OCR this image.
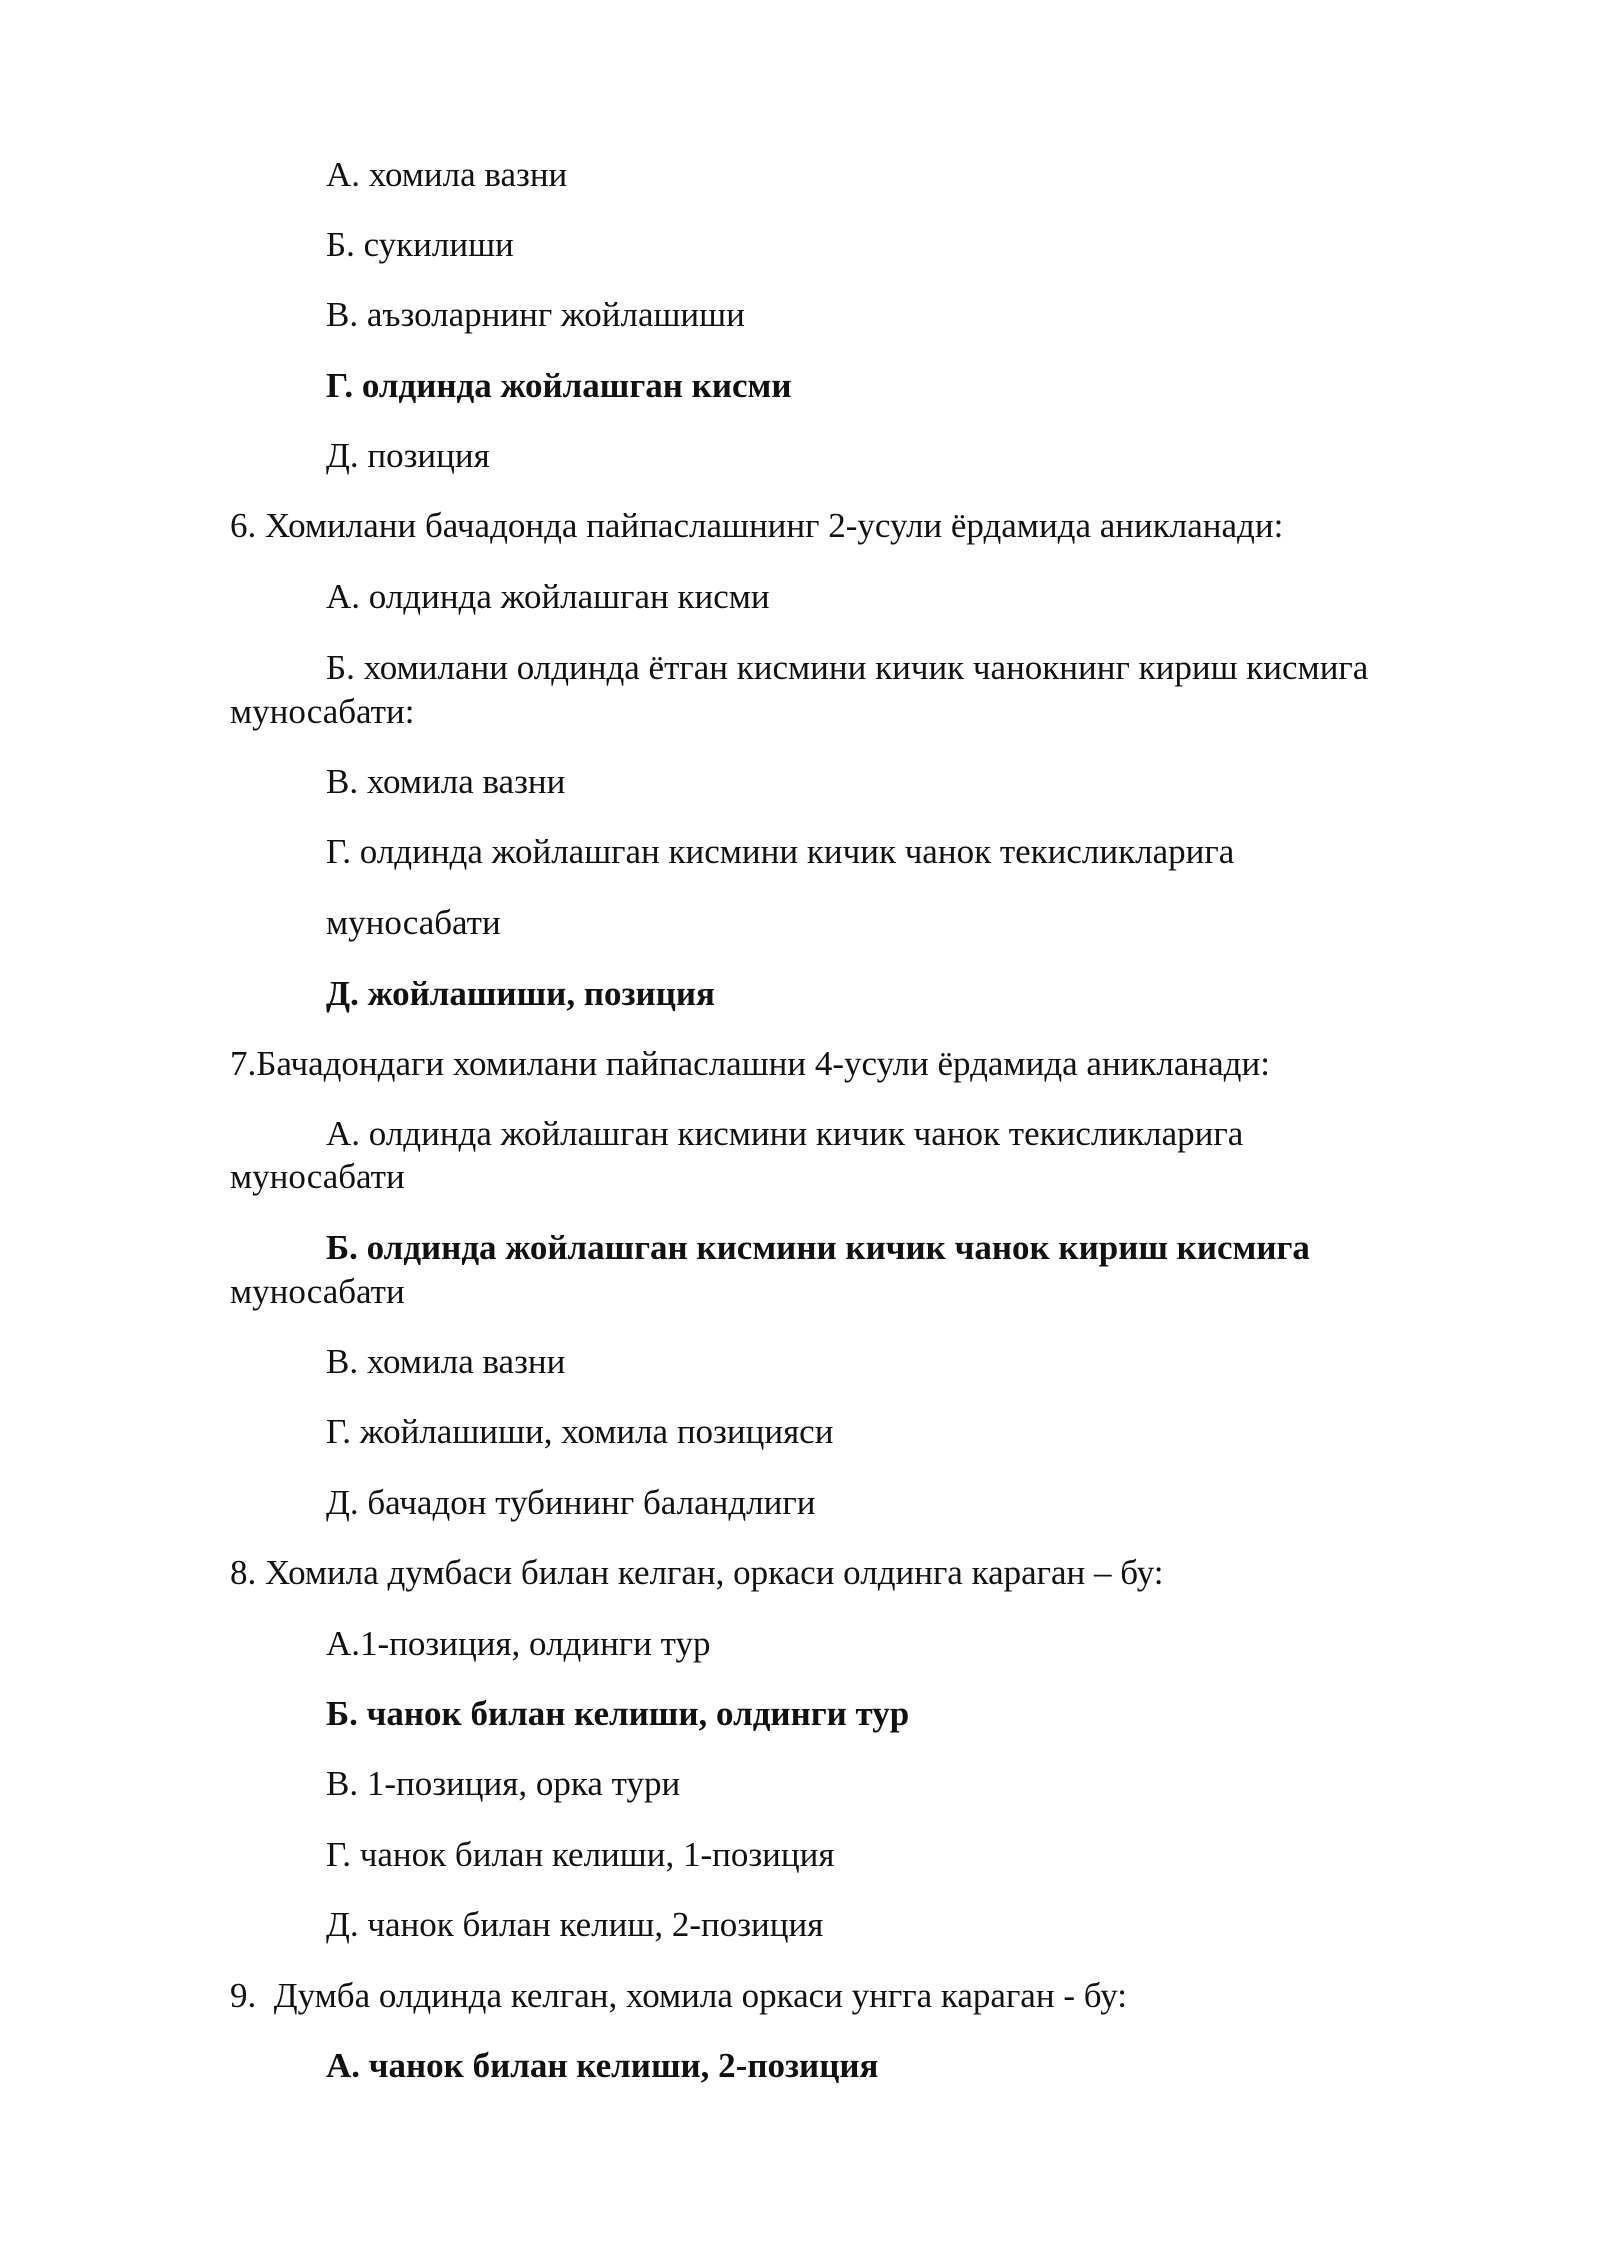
А. хомила вазни
Б. сукилиши
В. аъзоларнинг жойлашиши
Г. олдинда жойлашган кисми
Д. позиция
6. Хомилани бачадонда пайпаслашнинг 2-усули ёрдамида аникланади:
А. олдинда жойлашган кисми
Б. хомилани олдинда ётган кисмини кичик чанокнинг кириш кисмига
муносабати:
В. хомила вазни
Г. олдинда жойлашган кисмини кичик чанок текисликларига
муносабати
Д. жойлашиши, позиция
7.Бачадондаги хомилани пайпаслашни 4-усули ёрдамида аникланади:
А. олдинда жойлашган кисмини кичик чанок текисликларига
муносабати
Б. олдинда жойлашган кисмини кичик чанок кириш кисмига
муносабати
В. хомила вазни
Г. жойлашиши, хомила позицияси
Д. бачадон тубининг баландлиги
8. Хомила думбаси билан келган, оркаси олдинга караган – бу:
А.1-позиция, олдинги тур
Б. чанок билан келиши, олдинги тур
В. 1-позиция, орка тури
Г. чанок билан келиши, 1-позиция
Д. чанок билан келиш, 2-позиция
9.  Думба олдинда келган, хомила оркаси унгга караган - бу:
А. чанок билан келиши, 2-позиция
